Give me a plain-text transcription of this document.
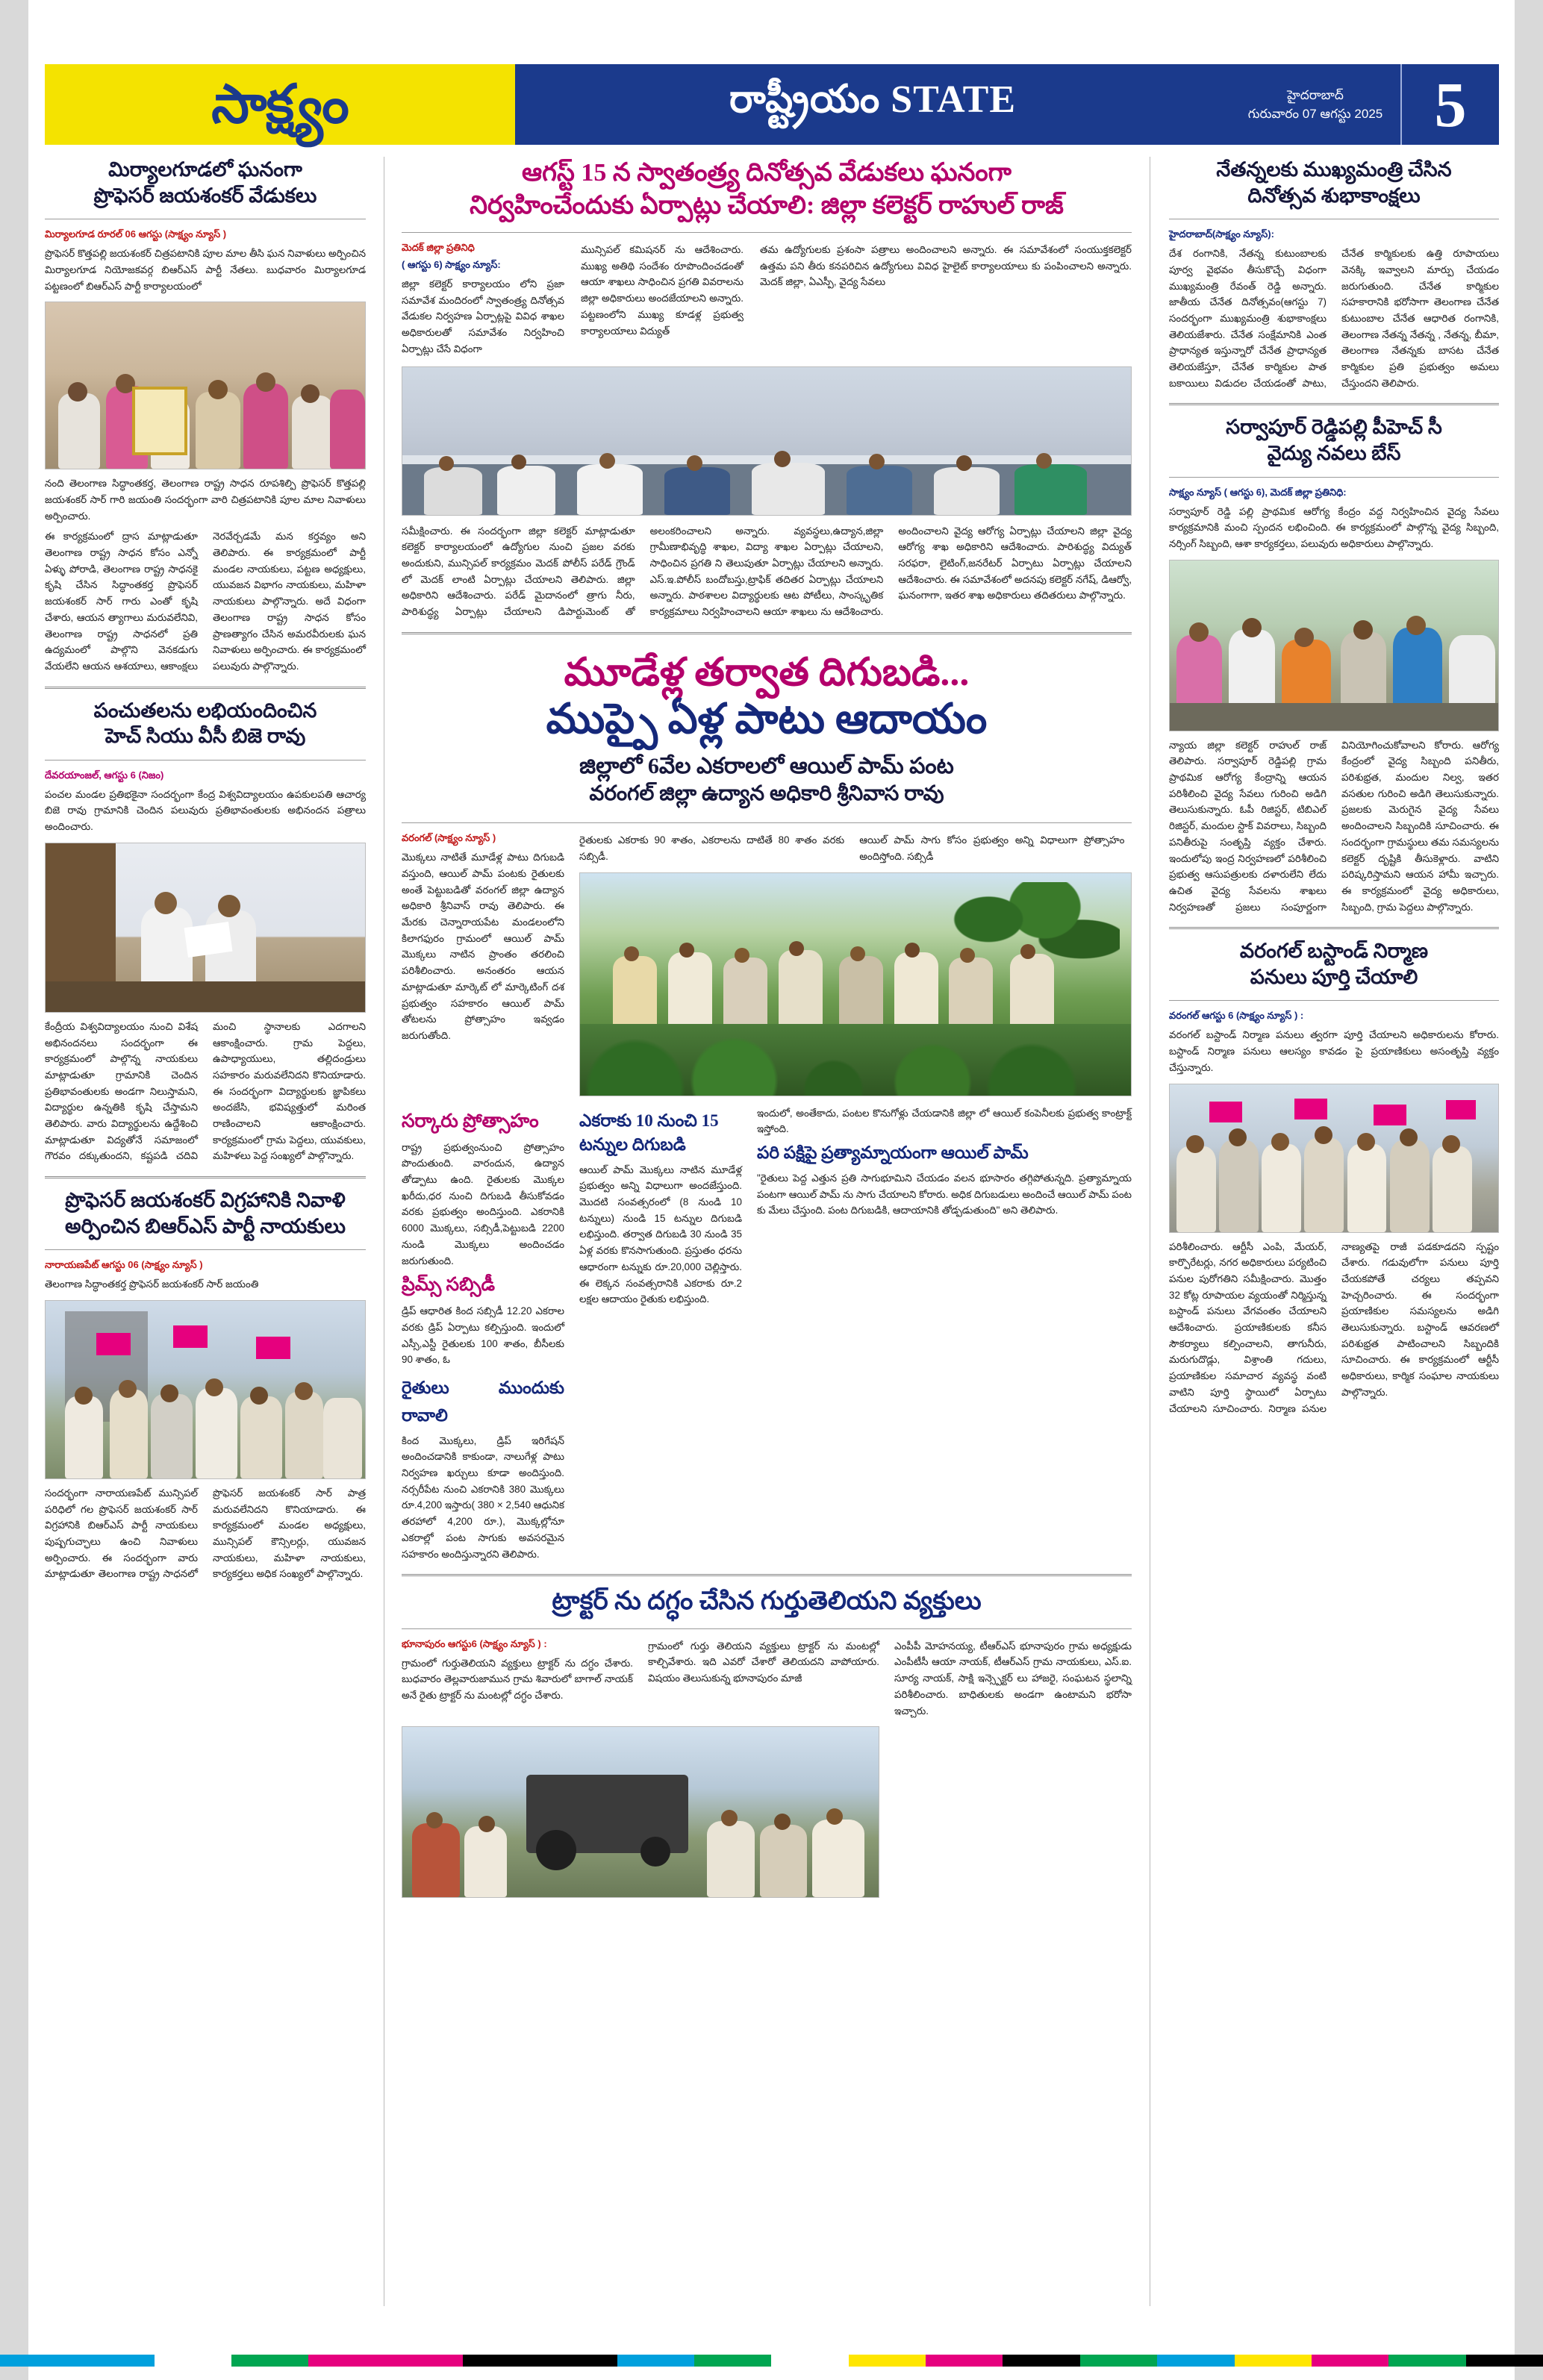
సాక్ష్యం	రాష్ట్రీయం STATE	హైదరాబాద్
గురువారం 07 ఆగస్టు 2025 5
మిర్యాలగూడలో ఘనంగా
ప్రొఫెసర్ జయశంకర్ వేడుకలు
మిర్యాలగూడ రూరల్ 06 ఆగస్టు (సాక్ష్యం న్యూస్ )
ప్రొఫెసర్ కొత్తపల్లి జయశంకర్ చిత్రపటానికి పూల మాల తీసి ఘన నివాళులు అర్పించిన మిర్యాలగూడ నియోజకవర్గ బిఆర్ఎస్ పార్టీ నేతలు. బుధవారం మిర్యాలగూడ పట్టణంలో బిఆర్ఎస్ పార్టీ కార్యాలయంలో
నంది తెలంగాణ సిద్ధాంతకర్త, తెలంగాణ రాష్ట్ర సాధన రూపశిల్పి ప్రొఫెసర్ కొత్తపల్లి జయశంకర్ సార్ గారి జయంతి సందర్భంగా వారి చిత్రపటానికి పూల మాల నివాళులు అర్పించారు.
ఈ కార్యక్రమంలో ద్రాస మాట్లాడుతూ తెలంగాణ రాష్ట్ర సాధన కోసం ఎన్నో ఏళ్ళు పోరాడి, తెలంగాణ రాష్ట్ర సాధనకై కృషి చేసిన సిద్ధాంతకర్త ప్రొఫెసర్ జయశంకర్ సార్ గారు ఎంతో కృషి చేశారు, ఆయన త్యాగాలు మరువలేనివి, తెలంగాణ రాష్ట్ర సాధనలో ప్రతి ఉద్యమంలో పాల్గొని వెనకడుగు వేయలేని ఆయన ఆశయాలు, ఆకాంక్షలు నెరవేర్చడమే మన కర్తవ్యం అని తెలిపారు. ఈ కార్యక్రమంలో పార్టీ మండల నాయకులు, పట్టణ అధ్యక్షులు, యువజన విభాగం నాయకులు, మహిళా నాయకులు పాల్గొన్నారు. అదే విధంగా తెలంగాణ రాష్ట్ర సాధన కోసం ప్రాణత్యాగం చేసిన అమరవీరులకు ఘన నివాళులు అర్పించారు. ఈ కార్యక్రమంలో పలువురు పాల్గొన్నారు.
పంచుతలను లభియందించిన
హెచ్ సియు వీసీ బిజె రావు
దేవరయాంజల్, ఆగస్టు 6 (నిజం)
పంచల మండల ప్రతిభకైనా సందర్భంగా కేంద్ర విశ్వవిద్యాలయం ఉపకులపతి ఆచార్య బిజె రావు గ్రామానికి చెందిన పలువురు ప్రతిభావంతులకు అభినందన పత్రాలు అందించారు.
కేంద్రీయ విశ్వవిద్యాలయం నుంచి విశేష అభినందనలు సందర్భంగా ఈ కార్యక్రమంలో పాల్గొన్న నాయకులు మాట్లాడుతూ గ్రామానికి చెందిన ప్రతిభావంతులకు అండగా నిలుస్తామని, విద్యార్థుల ఉన్నతికి కృషి చేస్తామని తెలిపారు. వారు విద్యార్థులను ఉద్దేశించి మాట్లాడుతూ విద్యతోనే సమాజంలో గౌరవం దక్కుతుందని, కష్టపడి చదివి మంచి స్థానాలకు ఎదగాలని ఆకాంక్షించారు. గ్రామ పెద్దలు, ఉపాధ్యాయులు, తల్లిదండ్రులు సహకారం మరువలేనిదని కొనియాడారు. ఈ సందర్భంగా విద్యార్థులకు జ్ఞాపికలు అందజేసి, భవిష్యత్తులో మరింత రాణించాలని ఆకాంక్షించారు. కార్యక్రమంలో గ్రామ పెద్దలు, యువకులు, మహిళలు పెద్ద సంఖ్యలో పాల్గొన్నారు.
ప్రొఫెసర్ జయశంకర్ విగ్రహానికి నివాళి
అర్పించిన బిఆర్ఎస్ పార్టీ నాయకులు
నారాయణపేట్ ఆగస్టు 06 (సాక్ష్యం న్యూస్ )
తెలంగాణ సిద్ధాంతకర్త ప్రొఫెసర్ జయశంకర్ సార్ జయంతి
సందర్భంగా నారాయణపేట్ మున్సిపల్ పరిధిలో గల ప్రొఫెసర్ జయశంకర్ సార్ విగ్రహానికి బిఆర్ఎస్ పార్టీ నాయకులు పుష్పగుచ్ఛాలు ఉంచి నివాళులు అర్పించారు. ఈ సందర్భంగా వారు మాట్లాడుతూ తెలంగాణ రాష్ట్ర సాధనలో ప్రొఫెసర్ జయశంకర్ సార్ పాత్ర మరువలేనిదని కొనియాడారు. ఈ కార్యక్రమంలో మండల అధ్యక్షులు, మున్సిపల్ కౌన్సిలర్లు, యువజన నాయకులు, మహిళా నాయకులు, కార్యకర్తలు అధిక సంఖ్యలో పాల్గొన్నారు.
ఆగస్ట్ 15 న స్వాతంత్ర్య దినోత్సవ వేడుకలు ఘనంగా
నిర్వహించేందుకు ఏర్పాట్లు చేయాలి: జిల్లా కలెక్టర్ రాహుల్ రాజ్
మెదక్ జిల్లా ప్రతినిధి
( ఆగస్టు 6) సాక్ష్యం న్యూస్:
జిల్లా కలెక్టర్ కార్యాలయం లోని ప్రజా సమావేశ మందిరంలో స్వాతంత్ర్య దినోత్సవ వేడుకల నిర్వహణ ఏర్పాట్లపై వివిధ శాఖల అధికారులతో సమావేశం నిర్వహించి ఏర్పాట్లు చేసే విధంగా
మున్సిపల్ కమిషనర్ ను ఆదేశించారు. ముఖ్య అతిథి సందేశం రూపొందించడంతో ఆయా శాఖలు సాధించిన ప్రగతి వివరాలను జిల్లా అధికారులు అందజేయాలని అన్నారు. పట్టణంలోని ముఖ్య కూడళ్ల ప్రభుత్వ కార్యాలయాలు విద్యుత్
తమ ఉద్యోగులకు ప్రశంసా పత్రాలు అందించాలని అన్నారు. ఈ సమావేశంలో సంయుక్తకలెక్టర్ ఉత్తమ పని తీరు కనపరిచిన ఉద్యోగులు వివిధ హైలైట్ కార్యాలయాలు కు పంపించాలని అన్నారు. మెదక్ జిల్లా, ఏఎస్పీ, వైద్య సేవలు
సమీక్షించారు. ఈ సందర్భంగా జిల్లా కలెక్టర్ మాట్లాడుతూ కలెక్టర్ కార్యాలయంలో ఉద్యోగుల నుంచి ప్రజల వరకు అందుకుని, మున్సిపల్ కార్యక్రమం మెదక్ పోలీస్ పరేడ్ గ్రౌండ్ లో మెదక్ లాంటి ఏర్పాట్లు చేయాలని తెలిపారు. జిల్లా అధికారిని ఆదేశించారు. పరేడ్ మైదానంలో త్రాగు నీరు, పారిశుద్ధ్య ఏర్పాట్లు చేయాలని డిపార్టుమెంట్ తో అలంకరించాలని అన్నారు. వ్యవస్థలు,ఉద్యాన,జిల్లా గ్రామీణాభివృద్ధి శాఖల, విద్యా శాఖల ఏర్పాట్లు చేయాలని, సాధించిన ప్రగతి ని తెలుపుతూ ఏర్పాట్లు చేయాలని అన్నారు. ఎస్.ఇ.పోలీస్ బందోబస్తు,ట్రాఫిక్ తదితర ఏర్పాట్లు చేయాలని అన్నారు. పాఠశాలల విద్యార్థులకు ఆట పోటీలు, సాంస్కృతిక కార్యక్రమాలు నిర్వహించాలని ఆయా శాఖలు ను ఆదేశించారు. అందించాలని వైద్య ఆరోగ్య ఏర్పాట్లు చేయాలని జిల్లా వైద్య ఆరోగ్య శాఖ అధికారిని ఆదేశించారు. పారిశుద్ధ్య విద్యుత్ సరఫరా, లైటింగ్,జనరేటర్ ఏర్పాటు ఏర్పాట్లు చేయాలని ఆదేశించారు. ఈ సమావేశంలో అదనపు కలెక్టర్ నగేష్, డిఆర్వో, ఘనంగాగా, ఇతర శాఖ అధికారులు తదితరులు పాల్గొన్నారు.
మూడేళ్ల తర్వాత దిగుబడి...
ముప్పై ఏళ్ల పాటు ఆదాయం
జిల్లాలో 6వేల ఎకరాలలో ఆయిల్ పామ్ పంట
వరంగల్ జిల్లా ఉద్యాన అధికారి శ్రీనివాస రావు
వరంగల్ (సాక్ష్యం న్యూస్ )
మొక్కలు నాటితే మూడేళ్ల పాటు దిగుబడి వస్తుంది, ఆయిల్ పామ్ పంటకు రైతులకు అంతే పెట్టుబడితో వరంగల్ జిల్లా ఉద్యాన అధికారి శ్రీనివాస్ రావు తెలిపారు. ఈ మేరకు చెన్నారాయపేట మండలంలోని కిలాగఫురం గ్రామంలో ఆయిల్ పామ్ మొక్కలు నాటిన ప్రాంతం తరలించి పరిశీలించారు. అనంతరం ఆయన మాట్లాడుతూ మార్కెట్ లో మార్కెటింగ్ దశ ప్రభుత్వం సహకారం ఆయిల్ పామ్ తోటలను ప్రోత్సాహం ఇవ్వడం జరుగుతోంది.
రైతులకు ఎకరాకు 90 శాతం, ఎకరాలను దాటితే 80 శాతం వరకు సబ్సిడీ.
ఆయిల్ పామ్ సాగు కోసం ప్రభుత్వం అన్ని విధాలుగా ప్రోత్సాహం అందిస్తోంది. సబ్సిడీ
సర్కారు ప్రోత్సాహం
రాష్ట్ర ప్రభుత్వంనుంచి ప్రోత్సాహం పొందుతుంది. వారందున, ఉద్యాన తోడ్పాటు ఉంది. రైతులకు మొక్కల ఖరీదు,ధర నుంచి దిగుబడి తీసుకోవడం వరకు ప్రభుత్వం అందిస్తుంది. ఎకరానికి 6000 మొక్కలు, సబ్సిడీ,పెట్టుబడి 2200 నుండి మొక్కలు అందించడం జరుగుతుంది.
ప్రిమ్స్ సబ్సిడీ
డ్రిప్ ఆధారిత కింద సబ్సిడీ 12.20 ఎకరాల వరకు డ్రిప్ ఏర్పాటు కల్పిస్తుంది. ఇందులో ఎస్సీ,ఎస్టీ రైతులకు 100 శాతం, బీసీలకు 90 శాతం, ఓ
ఎకరాకు 10 నుంచి 15 టన్నుల దిగుబడి
ఆయిల్ పామ్ మొక్కలు నాటిన మూడేళ్ల ప్రభుత్వం అన్ని విధాలుగా అందజేస్తుంది. మొదటి సంవత్సరంలో (8 నుండి 10 టన్నులు) నుండి 15 టన్నుల దిగుబడి లభిస్తుంది. తర్వాత దిగుబడి 30 నుండి 35 ఏళ్ల వరకు కొనసాగుతుంది. ప్రస్తుతం ధరను ఆధారంగా టన్నుకు రూ.20,000 చెల్లిస్తారు. ఈ లెక్కన సంవత్సరానికి ఎకరాకు రూ.2 లక్షల ఆదాయం రైతుకు లభిస్తుంది.
ఇందులో, అంతేకాదు, పంటల కొనుగోళ్లు చేయడానికి జిల్లా లో ఆయిల్ కంపెనీలకు ప్రభుత్వ కాంట్రాక్ట్ ఇస్తోంది.
పరి పక్షిపై ప్రత్యామ్నాయంగా ఆయిల్ పామ్
"రైతులు పెద్ద ఎత్తున ప్రతి సాగుభూమిని చేయడం వలన భూసారం తగ్గిపోతున్నది. ప్రత్యామ్నాయ పంటగా ఆయిల్ పామ్ ను సాగు చేయాలని కోరారు. అధిక దిగుబడులు అందించే ఆయిల్ పామ్ పంట కు మేలు చేస్తుంది. పంట దిగుబడికి, ఆదాయానికి తోడ్పడుతుంది" అని తెలిపారు.
రైతులు ముందుకు రావాలి
కింద మొక్కలు, డ్రిప్ ఇరిగేషన్ అందించడానికి కాకుండా, నాలుగేళ్ల పాటు నిర్వహణ ఖర్చులు కూడా అందిస్తుంది. నర్సరీపేట నుంచి ఎకరానికి 380 మొక్కలు రూ.4,200 ఇస్తారు( 380 × 2,540 ఆధునిక తరహాలో 4,200 రూ.), మొక్కల్లోనూ ఎకరాల్లో పంట సాగుకు అవసరమైన సహకారం అందిస్తున్నారని తెలిపారు.
ట్రాక్టర్ ను దగ్ధం చేసిన గుర్తుతెలియని వ్యక్తులు
భూనాపురం ఆగస్టు6 (సాక్ష్యం న్యూస్ ) :
గ్రామంలో గుర్తుతెలియని వ్యక్తులు ట్రాక్టర్ ను దగ్ధం చేశారు. బుధవారం తెల్లవారుజామున గ్రామ శివారులో బాగాల్ నాయక్ అనే రైతు ట్రాక్టర్ ను మంటల్లో దగ్ధం చేశారు.
గ్రామంలో గుర్తు తెలియని వ్యక్తులు ట్రాక్టర్ ను మంటల్లో కాల్చివేశారు. ఇది ఎవరో చేశారో తెలియదని వాపోయారు. విషయం తెలుసుకున్న భూనాపురం మాజీ
ఎంపీపీ మోహనయ్య, టీఆర్ఎస్ భూనాపురం గ్రామ అధ్యక్షుడు ఎంపీటీసీ ఆయా నాయక్, టీఆర్ఎస్ గ్రామ నాయకులు, ఎస్.ఐ. సూర్య నాయక్, సాక్షి ఇన్స్పెక్టర్ లు హాజరై, సంఘటన స్థలాన్ని పరిశీలించారు. బాధితులకు అండగా ఉంటామని భరోసా ఇచ్చారు.
నేతన్నలకు ముఖ్యమంత్రి చేసిన
దినోత్సవ శుభాకాంక్షలు
హైదరాబాద్(సాక్ష్యం న్యూస్):
దేశ రంగానికి, నేతన్న కుటుంబాలకు పూర్వ వైభవం తీసుకొచ్చే విధంగా ముఖ్యమంత్రి రేవంత్ రెడ్డి అన్నారు. జాతీయ చేనేత దినోత్సవం(ఆగస్టు 7) సందర్భంగా ముఖ్యమంత్రి శుభాకాంక్షలు తెలియజేశారు. చేనేత సంక్షేమానికి ఎంత ప్రాధాన్యత ఇస్తున్నారో చేనేత ప్రాధాన్యత తెలియజేస్తూ, చేనేత కార్మికుల పాత బకాయిలు విడుదల చేయడంతో పాటు, చేనేత కార్మికులకు ఉత్తి రూపాయలు వెనక్కి ఇవ్వాలని మార్పు చేయడం జరుగుతుంది. చేనేత కార్మికుల సహకారానికి భరోసాగా తెలంగాణ చేనేత కుటుంబాల చేనేత ఆధారిత రంగానికి, తెలంగాణ నేతన్న నేతన్న , నేతన్న, బీమా, తెలంగాణ నేతన్నకు బాసట చేనేత కార్మికుల ప్రతి ప్రభుత్వం అమలు చేస్తుందని తెలిపారు.
సర్వాపూర్ రెడ్డిపల్లి పీహెచ్ సీ
వైద్యు నవలు బేస్
సాక్ష్యం న్యూస్ ( ఆగస్టు 6), మెదక్ జిల్లా ప్రతినిధి:
సర్వాపూర్ రెడ్డి పల్లి ప్రాథమిక ఆరోగ్య కేంద్రం వద్ద నిర్వహించిన వైద్య సేవలు కార్యక్రమానికి మంచి స్పందన లభించింది. ఈ కార్యక్రమంలో పాల్గొన్న వైద్య సిబ్బంది, నర్సింగ్ సిబ్బంది, ఆశా కార్యకర్తలు, పలువురు అధికారులు పాల్గొన్నారు.
న్యాయ జిల్లా కలెక్టర్ రాహుల్ రాజ్ తెలిపారు. సర్వాపూర్ రెడ్డిపల్లి గ్రామ ప్రాథమిక ఆరోగ్య కేంద్రాన్ని ఆయన పరిశీలించి వైద్య సేవలు గురించి అడిగి తెలుసుకున్నారు. ఓపీ రిజిస్టర్, టిబిఎల్ రిజిస్టర్, మందుల స్టాక్ వివరాలు, సిబ్బంది పనితీరుపై సంతృప్తి వ్యక్తం చేశారు. ఇందులోపు ఇంద్ర నిర్వహణలో పరిశీలించి ప్రభుత్వ ఆసుపత్రులకు దళారులేని లేదు ఉచిత వైద్య సేవలను శాఖలు నిర్వహణతో ప్రజలు సంపూర్ణంగా వినియోగించుకోవాలని కోరారు. ఆరోగ్య కేంద్రంలో వైద్య సిబ్బంది పనితీరు, పరిశుభ్రత, మందుల నిల్వ, ఇతర వసతుల గురించి అడిగి తెలుసుకున్నారు. ప్రజలకు మెరుగైన వైద్య సేవలు అందించాలని సిబ్బందికి సూచించారు. ఈ సందర్భంగా గ్రామస్థులు తమ సమస్యలను కలెక్టర్ దృష్టికి తీసుకెళ్లారు. వాటిని పరిష్కరిస్తామని ఆయన హామీ ఇచ్చారు. ఈ కార్యక్రమంలో వైద్య అధికారులు, సిబ్బంది, గ్రామ పెద్దలు పాల్గొన్నారు.
వరంగల్ బస్టాండ్ నిర్మాణ
పనులు పూర్తి చేయాలి
వరంగల్ ఆగస్టు 6 (సాక్ష్యం న్యూస్ ) :
వరంగల్ బస్టాండ్ నిర్మాణ పనులు త్వరగా పూర్తి చేయాలని అధికారులను కోరారు. బస్టాండ్ నిర్మాణ పనులు ఆలస్యం కావడం పై ప్రయాణికులు అసంతృప్తి వ్యక్తం చేస్తున్నారు.
పరిశీలించారు. ఆర్టీసీ ఎంపి, మేయర్, కార్పొరేటర్లు, నగర అధికారులు పర్యటించి పనుల పురోగతిని సమీక్షించారు. మొత్తం 32 కోట్ల రూపాయల వ్యయంతో నిర్మిస్తున్న బస్టాండ్ పనులు వేగవంతం చేయాలని ఆదేశించారు. ప్రయాణికులకు కనీస సౌకర్యాలు కల్పించాలని, తాగునీరు, మరుగుదొడ్లు, విశ్రాంతి గదులు, ప్రయాణికుల సమాచార వ్యవస్థ వంటి వాటిని పూర్తి స్థాయిలో ఏర్పాటు చేయాలని సూచించారు. నిర్మాణ పనుల నాణ్యతపై రాజీ పడకూడదని స్పష్టం చేశారు. గడువులోగా పనులు పూర్తి చేయకపోతే చర్యలు తప్పవని హెచ్చరించారు. ఈ సందర్భంగా ప్రయాణికుల సమస్యలను అడిగి తెలుసుకున్నారు. బస్టాండ్ ఆవరణలో పరిశుభ్రత పాటించాలని సిబ్బందికి సూచించారు. ఈ కార్యక్రమంలో ఆర్టీసీ అధికారులు, కార్మిక సంఘాల నాయకులు పాల్గొన్నారు.
